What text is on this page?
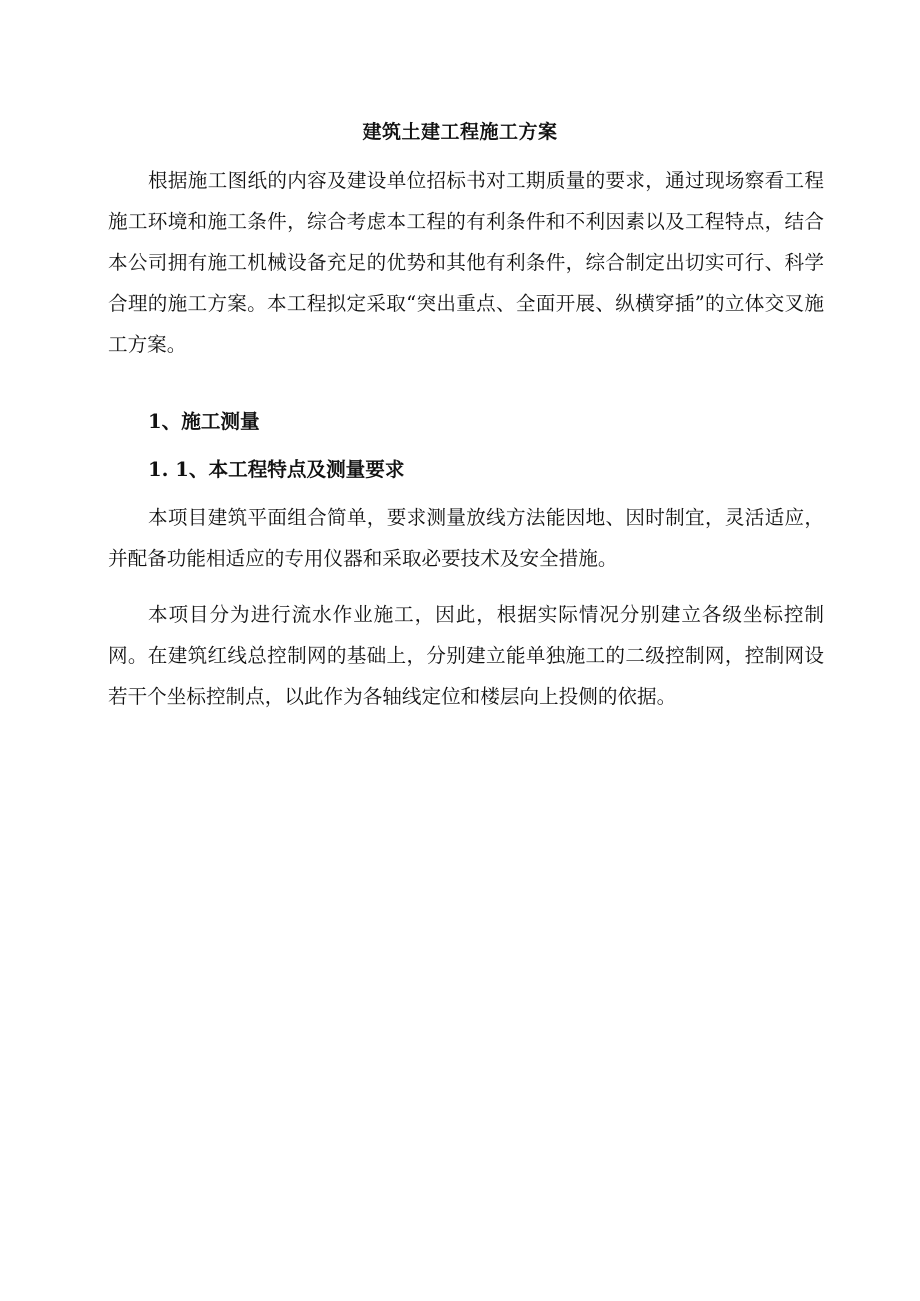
建筑土建工程施工方案

根据施工图纸的内容及建设单位招标书对工期质量的要求，通过现场察看工程施工环境和施工条件，综合考虑本工程的有利条件和不利因素以及工程特点，结合本公司拥有施工机械设备充足的优势和其他有利条件，综合制定出切实可行、科学合理的施工方案。本工程拟定采取“突出重点、全面开展、纵横穿插”的立体交叉施工方案。

1、施工测量
1. 1、本工程特点及测量要求

本项目建筑平面组合简单，要求测量放线方法能因地、因时制宜，灵活适应，并配备功能相适应的专用仪器和采取必要技术及安全措施。

本项目分为进行流水作业施工，因此，根据实际情况分别建立各级坐标控制网。在建筑红线总控制网的基础上，分别建立能单独施工的二级控制网，控制网设若干个坐标控制点，以此作为各轴线定位和楼层向上投侧的依据。
